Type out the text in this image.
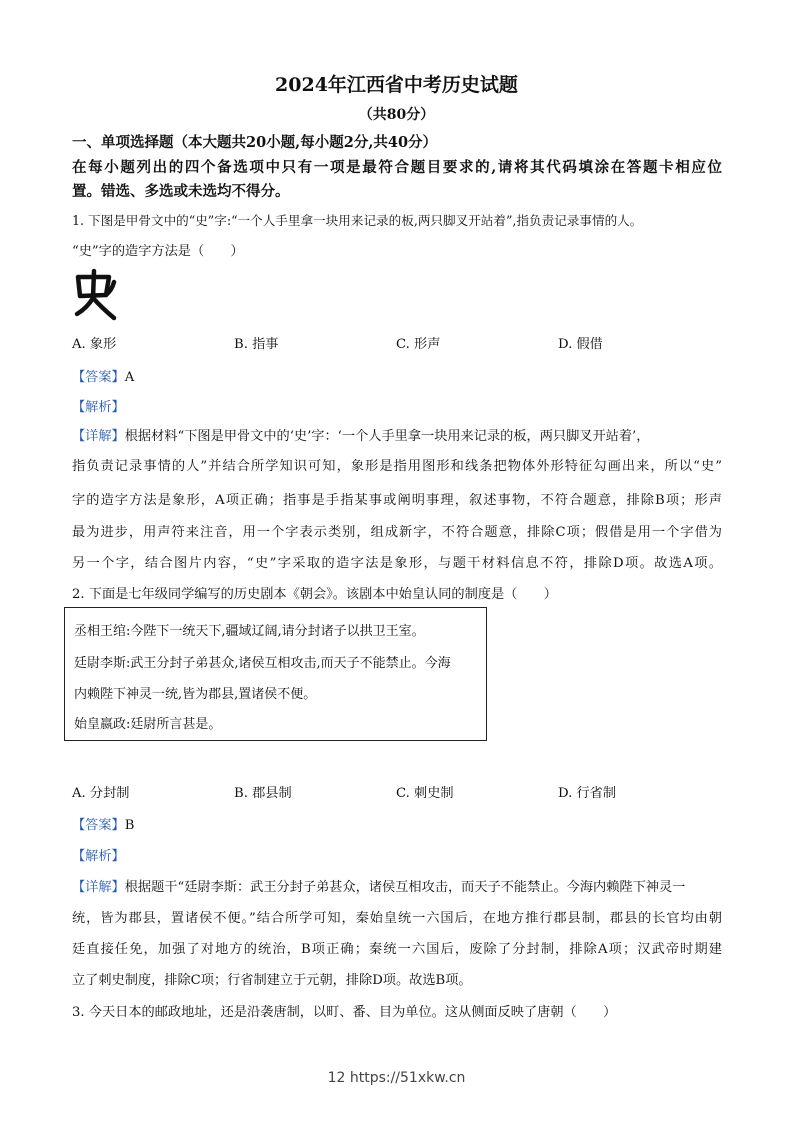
2024年江西省中考历史试题
（共80分）
一、单项选择题（本大题共20小题,每小题2分,共40分）
在每小题列出的四个备选项中只有一项是最符合题目要求的,请将其代码填涂在答题卡相应位
置。错选、多选或未选均不得分。
1. 下图是甲骨文中的“史”字:“一个人手里拿一块用来记录的板,两只脚叉开站着”,指负责记录事情的人。
“史”字的造字方法是（　　）
A. 象形	B. 指事	C. 形声	D. 假借
【答案】A
【解析】
【详解】根据材料“下图是甲骨文中的‘史’字：‘一个人手里拿一块用来记录的板，两只脚叉开站着’，
指负责记录事情的人”并结合所学知识可知，象形是指用图形和线条把物体外形特征勾画出来，所以“史”
字的造字方法是象形，A项正确；指事是手指某事或阐明事理，叙述事物，不符合题意，排除B项；形声
最为进步，用声符来注音，用一个字表示类别，组成新字，不符合题意，排除C项；假借是用一个字借为
另一个字，结合图片内容，“史”字采取的造字法是象形，与题干材料信息不符，排除D项。故选A项。
2. 下面是七年级同学编写的历史剧本《朝会》。该剧本中始皇认同的制度是（　　）
丞相王绾:今陛下一统天下,疆域辽阔,请分封诸子以拱卫王室。
廷尉李斯:武王分封子弟甚众,诸侯互相攻击,而天子不能禁止。今海
内赖陛下神灵一统,皆为郡县,置诸侯不便。
始皇嬴政:廷尉所言甚是。
A. 分封制	B. 郡县制	C. 刺史制	D. 行省制
【答案】B
【解析】
【详解】根据题干“廷尉李斯：武王分封子弟甚众，诸侯互相攻击，而天子不能禁止。今海内赖陛下神灵一
统，皆为郡县，置诸侯不便。”结合所学可知，秦始皇统一六国后，在地方推行郡县制，郡县的长官均由朝
廷直接任免，加强了对地方的统治，B项正确；秦统一六国后，废除了分封制，排除A项；汉武帝时期建
立了刺史制度，排除C项；行省制建立于元朝，排除D项。故选B项。
3. 今天日本的邮政地址，还是沿袭唐制，以町、番、目为单位。这从侧面反映了唐朝（　　）
12 https://51xkw.cn
